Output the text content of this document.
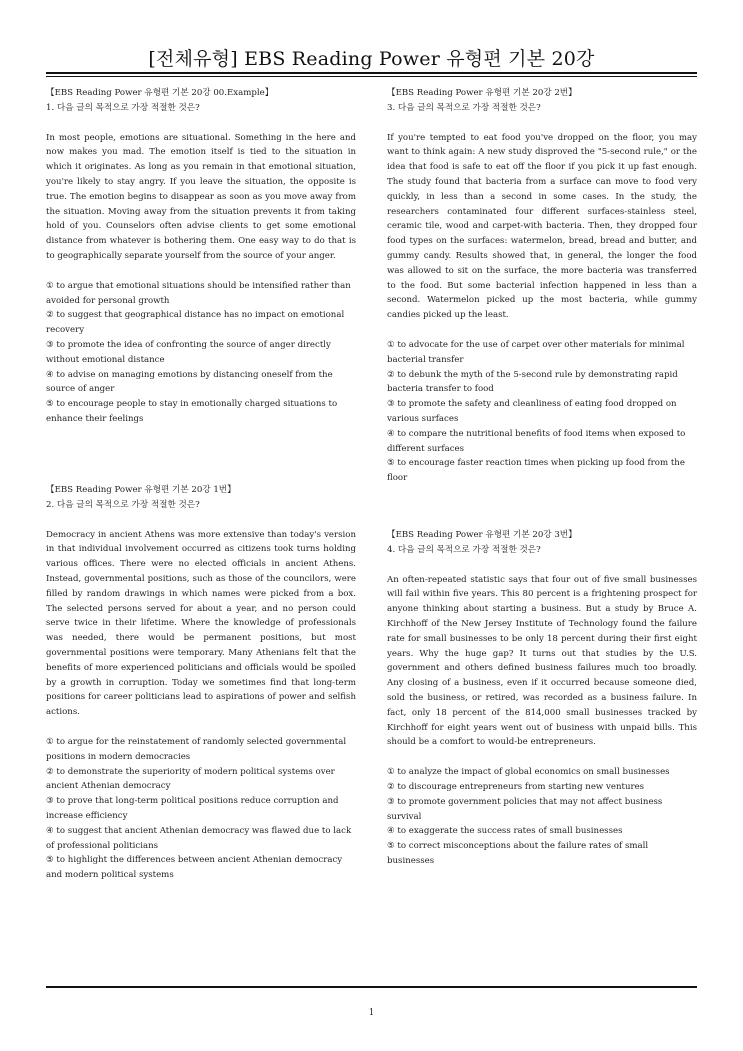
[전체유형] EBS Reading Power 유형편 기본 20강
【EBS Reading Power 유형편 기본 20강 00.Example】
1. 다음 글의 목적으로 가장 적절한 것은?
In most people, emotions are situational. Something in the here and now makes you mad. The emotion itself is tied to the situation in which it originates. As long as you remain in that emotional situation, you're likely to stay angry. If you leave the situation, the opposite is true. The emotion begins to disappear as soon as you move away from the situation. Moving away from the situation prevents it from taking hold of you. Counselors often advise clients to get some emotional distance from whatever is bothering them. One easy way to do that is to geographically separate yourself from the source of your anger.
① to argue that emotional situations should be intensified rather than avoided for personal growth
② to suggest that geographical distance has no impact on emotional recovery
③ to promote the idea of confronting the source of anger directly without emotional distance
④ to advise on managing emotions by distancing oneself from the source of anger
⑤ to encourage people to stay in emotionally charged situations to enhance their feelings
【EBS Reading Power 유형편 기본 20강 1번】
2. 다음 글의 목적으로 가장 적절한 것은?
Democracy in ancient Athens was more extensive than today's version in that individual involvement occurred as citizens took turns holding various offices. There were no elected officials in ancient Athens. Instead, governmental positions, such as those of the councilors, were filled by random drawings in which names were picked from a box. The selected persons served for about a year, and no person could serve twice in their lifetime. Where the knowledge of professionals was needed, there would be permanent positions, but most governmental positions were temporary. Many Athenians felt that the benefits of more experienced politicians and officials would be spoiled by a growth in corruption. Today we sometimes find that long-term positions for career politicians lead to aspirations of power and selfish actions.
① to argue for the reinstatement of randomly selected governmental positions in modern democracies
② to demonstrate the superiority of modern political systems over ancient Athenian democracy
③ to prove that long-term political positions reduce corruption and increase efficiency
④ to suggest that ancient Athenian democracy was flawed due to lack of professional politicians
⑤ to highlight the differences between ancient Athenian democracy and modern political systems
【EBS Reading Power 유형편 기본 20강 2번】
3. 다음 글의 목적으로 가장 적절한 것은?
If you're tempted to eat food you've dropped on the floor, you may want to think again: A new study disproved the "5-second rule," or the idea that food is safe to eat off the floor if you pick it up fast enough. The study found that bacteria from a surface can move to food very quickly, in less than a second in some cases. In the study, the researchers contaminated four different surfaces-stainless steel, ceramic tile, wood and carpet-with bacteria. Then, they dropped four food types on the surfaces: watermelon, bread, bread and butter, and gummy candy. Results showed that, in general, the longer the food was allowed to sit on the surface, the more bacteria was transferred to the food. But some bacterial infection happened in less than a second. Watermelon picked up the most bacteria, while gummy candies picked up the least.
① to advocate for the use of carpet over other materials for minimal bacterial transfer
② to debunk the myth of the 5-second rule by demonstrating rapid bacteria transfer to food
③ to promote the safety and cleanliness of eating food dropped on various surfaces
④ to compare the nutritional benefits of food items when exposed to different surfaces
⑤ to encourage faster reaction times when picking up food from the floor
【EBS Reading Power 유형편 기본 20강 3번】
4. 다음 글의 목적으로 가장 적절한 것은?
An often-repeated statistic says that four out of five small businesses will fail within five years. This 80 percent is a frightening prospect for anyone thinking about starting a business. But a study by Bruce A. Kirchhoff of the New Jersey Institute of Technology found the failure rate for small businesses to be only 18 percent during their first eight years. Why the huge gap? It turns out that studies by the U.S. government and others defined business failures much too broadly. Any closing of a business, even if it occurred because someone died, sold the business, or retired, was recorded as a business failure. In fact, only 18 percent of the 814,000 small businesses tracked by Kirchhoff for eight years went out of business with unpaid bills. This should be a comfort to would-be entrepreneurs.
① to analyze the impact of global economics on small businesses
② to discourage entrepreneurs from starting new ventures
③ to promote government policies that may not affect business survival
④ to exaggerate the success rates of small businesses
⑤ to correct misconceptions about the failure rates of small businesses
1
